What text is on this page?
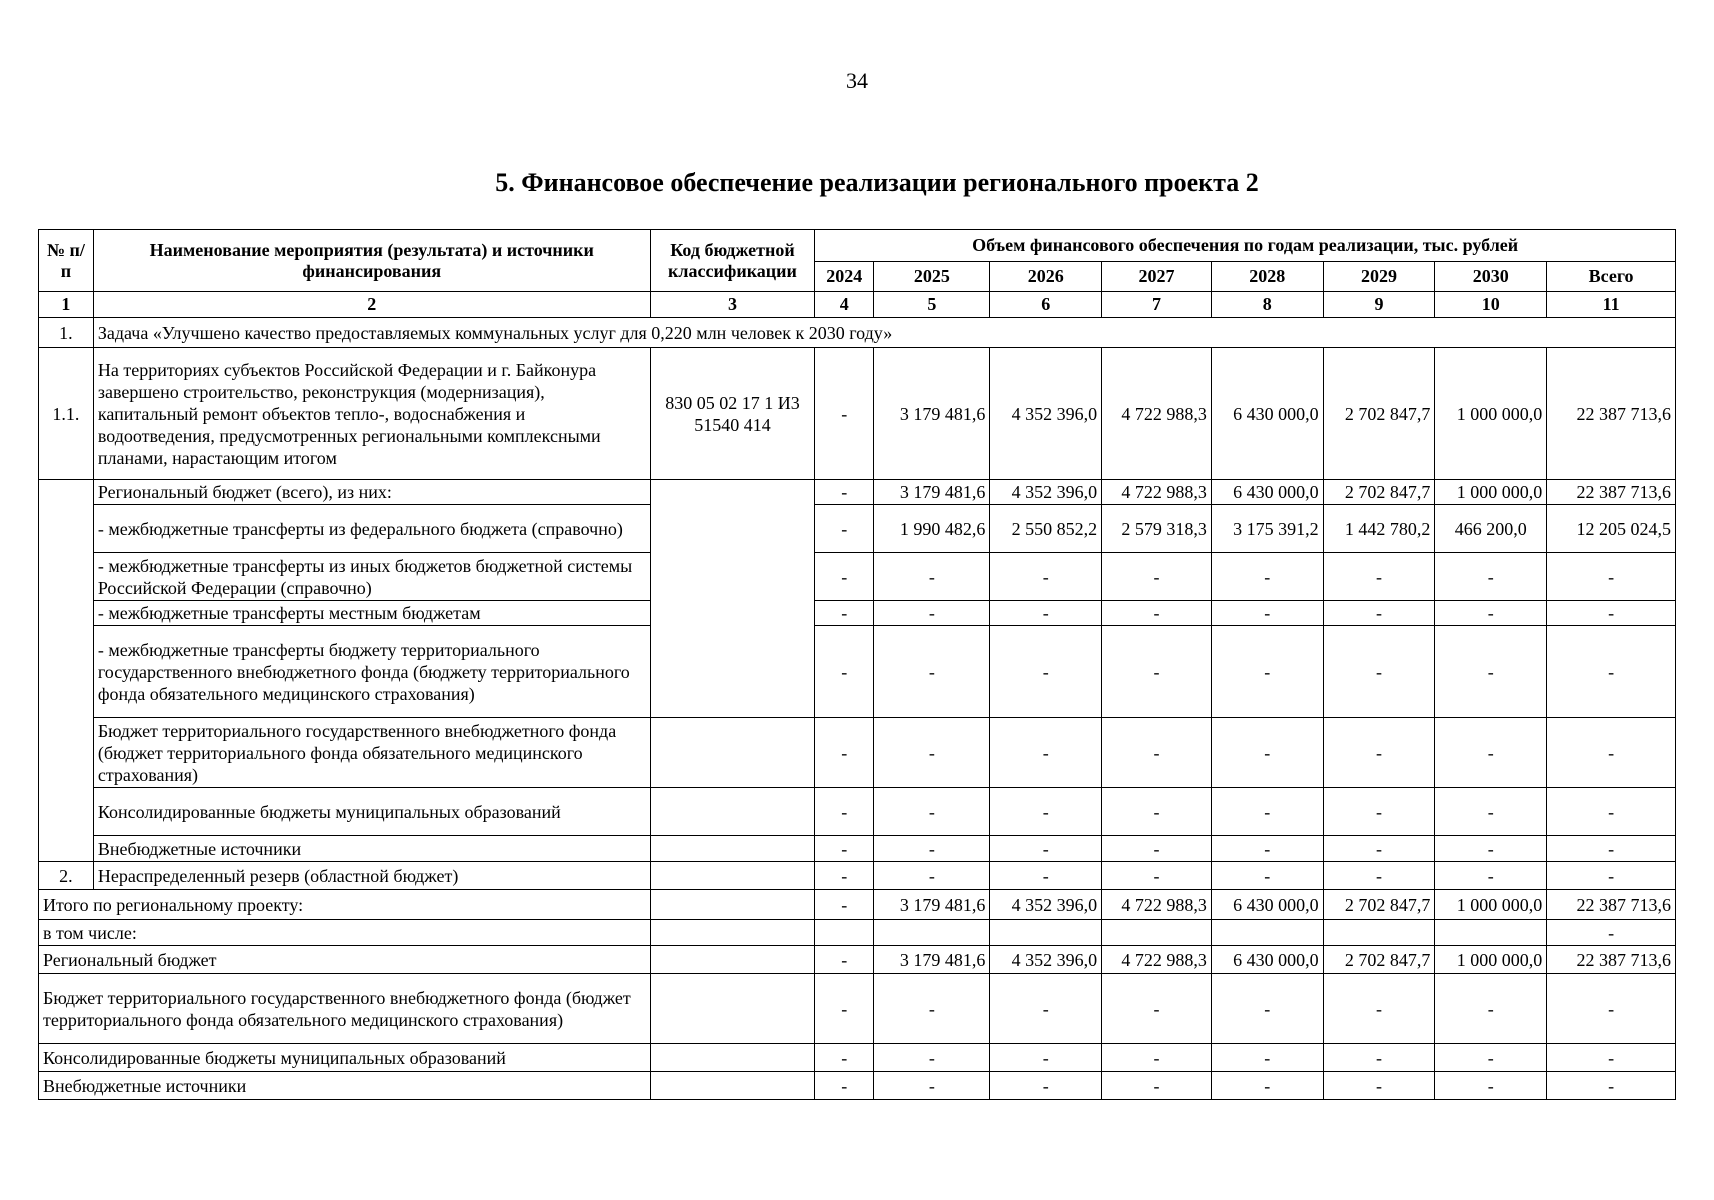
34
5. Финансовое обеспечение реализации регионального проекта 2
№ п/п	Наименование мероприятия (результата) и источники финансирования	Код бюджетной классификации	Объем финансового обеспечения по годам реализации, тыс. рублей							
			2024	2025	2026	2027	2028	2029	2030	Всего
1	2	3	4	5	6	7	8	9	10	11
1.	Задача «Улучшено качество предоставляемых коммунальных услуг для 0,220 млн человек к 2030 году»									
1.1.	На территориях субъектов Российской Федерации и г. Байконура завершено строительство, реконструкция (модернизация), капитальный ремонт объектов тепло-, водоснабжения и водоотведения, предусмотренных региональными комплексными планами, нарастающим итогом	830 05 02 17 1 И3 51540 414	-	3 179 481,6	4 352 396,0	4 722 988,3	6 430 000,0	2 702 847,7	1 000 000,0	22 387 713,6
	Региональный бюджет (всего), из них:		-	3 179 481,6	4 352 396,0	4 722 988,3	6 430 000,0	2 702 847,7	1 000 000,0	22 387 713,6
	- межбюджетные трансферты из федерального бюджета (справочно)		-	1 990 482,6	2 550 852,2	2 579 318,3	3 175 391,2	1 442 780,2	466 200,0	12 205 024,5
	- межбюджетные трансферты из иных бюджетов бюджетной системы Российской Федерации (справочно)		-	-	-	-	-	-	-	-
	- межбюджетные трансферты местным бюджетам		-	-	-	-	-	-	-	-
	- межбюджетные трансферты бюджету территориального государственного внебюджетного фонда (бюджету территориального фонда обязательного медицинского страхования)		-	-	-	-	-	-	-	-
	Бюджет территориального государственного внебюджетного фонда (бюджет территориального фонда обязательного медицинского страхования)		-	-	-	-	-	-	-	-
	Консолидированные бюджеты муниципальных образований		-	-	-	-	-	-	-	-
	Внебюджетные источники		-	-	-	-	-	-	-	-
2.	Нераспределенный резерв (областной бюджет)		-	-	-	-	-	-	-	-
Итого по региональному проекту:			-	3 179 481,6	4 352 396,0	4 722 988,3	6 430 000,0	2 702 847,7	1 000 000,0	22 387 713,6
в том числе:										-
Региональный бюджет			-	3 179 481,6	4 352 396,0	4 722 988,3	6 430 000,0	2 702 847,7	1 000 000,0	22 387 713,6
Бюджет территориального государственного внебюджетного фонда (бюджет территориального фонда обязательного медицинского страхования)			-	-	-	-	-	-	-	-
Консолидированные бюджеты муниципальных образований			-	-	-	-	-	-	-	-
Внебюджетные источники			-	-	-	-	-	-	-	-
